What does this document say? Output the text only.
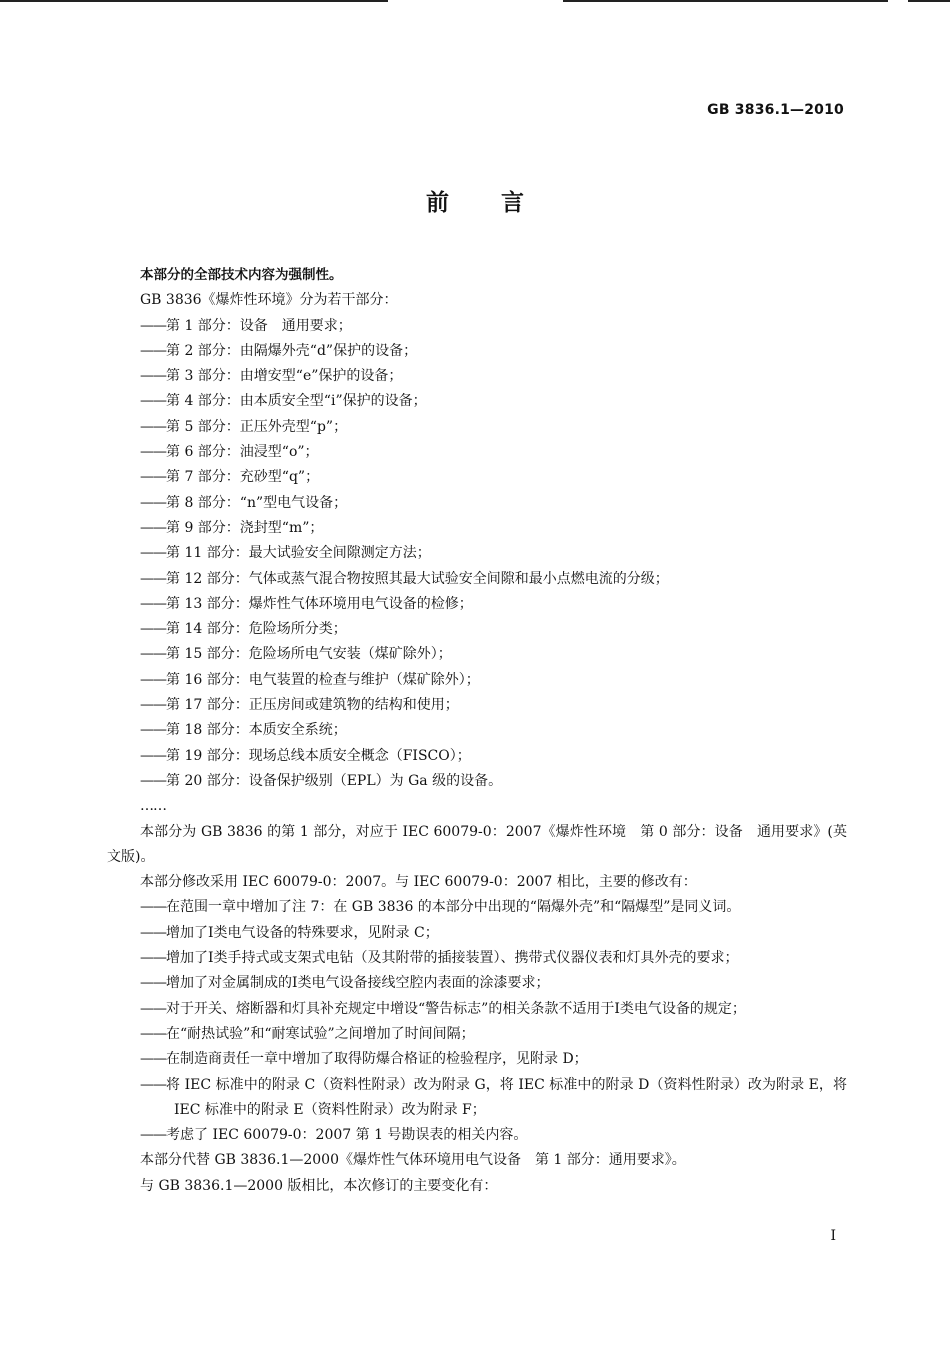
GB 3836.1—2010
前言

本部分的全部技术内容为强制性。

GB 3836《爆炸性环境》分为若干部分：

—— 第 1 部分：设备　通用要求；

—— 第 2 部分：由隔爆外壳“d”保护的设备；

—— 第 3 部分：由增安型“e”保护的设备；

—— 第 4 部分：由本质安全型“i”保护的设备；

—— 第 5 部分：正压外壳型“p”；

—— 第 6 部分：油浸型“o”；

—— 第 7 部分：充砂型“q”；

—— 第 8 部分：“n”型电气设备；

—— 第 9 部分：浇封型“m”；

—— 第 11 部分：最大试验安全间隙测定方法；

—— 第 12 部分：气体或蒸气混合物按照其最大试验安全间隙和最小点燃电流的分级；

—— 第 13 部分：爆炸性气体环境用电气设备的检修；

—— 第 14 部分：危险场所分类；

—— 第 15 部分：危险场所电气安装（煤矿除外）；

—— 第 16 部分：电气装置的检查与维护（煤矿除外）；

—— 第 17 部分：正压房间或建筑物的结构和使用；

—— 第 18 部分：本质安全系统；

—— 第 19 部分：现场总线本质安全概念（FISCO）；

—— 第 20 部分：设备保护级别（EPL）为 Ga 级的设备。

……

本部分为 GB 3836 的第 1 部分，对应于 IEC 60079-0：2007《爆炸性环境　第 0 部分：设备　通用要求》(英文版)。

本部分修改采用 IEC 60079-0：2007。与 IEC 60079-0：2007 相比，主要的修改有：

—— 在范围一章中增加了注 7：在 GB 3836 的本部分中出现的“隔爆外壳”和“隔爆型”是同义词。

—— 增加了Ⅰ类电气设备的特殊要求，见附录 C；

—— 增加了Ⅰ类手持式或支架式电钻（及其附带的插接装置）、携带式仪器仪表和灯具外壳的要求；

—— 增加了对金属制成的Ⅰ类电气设备接线空腔内表面的涂漆要求；

—— 对于开关、熔断器和灯具补充规定中增设“警告标志”的相关条款不适用于Ⅰ类电气设备的规定；

—— 在“耐热试验”和“耐寒试验”之间增加了时间间隔；

—— 在制造商责任一章中增加了取得防爆合格证的检验程序，见附录 D；

—— 将 IEC 标准中的附录 C（资料性附录）改为附录 G，将 IEC 标准中的附录 D（资料性附录）改为附录 E，将 IEC 标准中的附录 E（资料性附录）改为附录 F；

—— 考虑了 IEC 60079-0：2007 第 1 号勘误表的相关内容。

本部分代替 GB 3836.1—2000《爆炸性气体环境用电气设备　第 1 部分：通用要求》。

与 GB 3836.1—2000 版相比，本次修订的主要变化有：

I
